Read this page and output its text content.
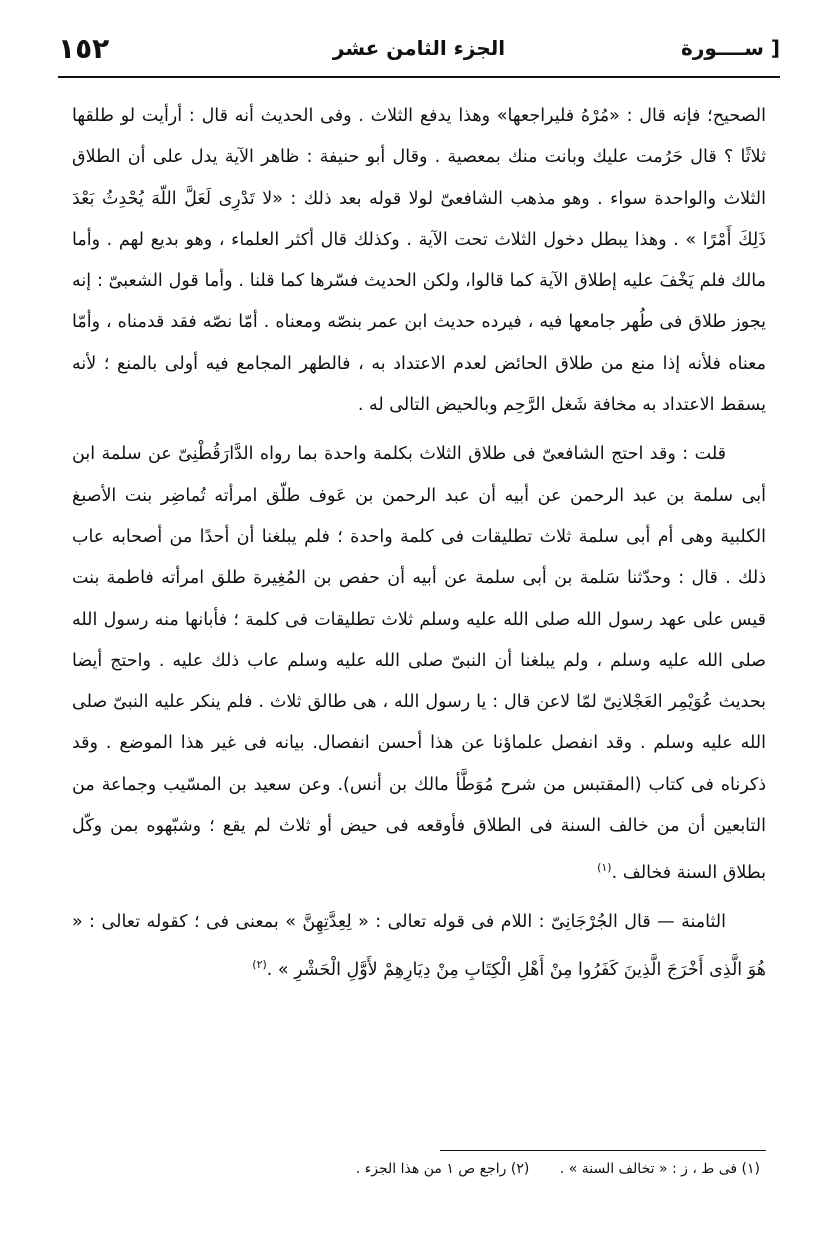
١٥٢	الجزء الثامن عشر	[ ســــورة

الصحيح؛ فإنه قال : «مُرْهُ فليراجعها» وهذا يدفع الثلاث . وفى الحديث أنه قال : أرأيت لو طلقها ثلاثًا ؟ قال حَرُمت عليك وبانت منك بمعصية . وقال أبو حنيفة : ظاهر الآية يدل على أن الطلاق الثلاث والواحدة سواء . وهو مذهب الشافعىّ لولا قوله بعد ذلك : «لا تَدْرِى لَعَلَّ اللّهَ يُحْدِثُ بَعْدَ ذَلِكَ أَمْرًا » . وهذا يبطل دخول الثلاث تحت الآية . وكذلك قال أكثر العلماء ، وهو بديع لهم . وأما مالك فلم يَخْفَ عليه إطلاق الآية كما قالوا، ولكن الحديث فسّرها كما قلنا . وأما قول الشعبىّ : إنه يجوز طلاق فى طُهر جامعها فيه ، فيرده حديث ابن عمر بنصّه ومعناه . أمّا نصّه فقد قدمناه ، وأمّا معناه فلأنه إذا منع من طلاق الحائض لعدم الاعتداد به ، فالطهر المجامع فيه أولى بالمنع ؛ لأنه يسقط الاعتداد به مخافة شَغل الرَّحِم وبالحيض التالى له .

قلت : وقد احتج الشافعىّ فى طلاق الثلاث بكلمة واحدة بما رواه الدَّارَقُطْنِىّ عن سلمة ابن أبى سلمة بن عبد الرحمن عن أبيه أن عبد الرحمن بن عَوف طلّق امرأته تُماضِر بنت الأصبغ الكلبية وهى أم أبى سلمة ثلاث تطليقات فى كلمة واحدة ؛ فلم يبلغنا أن أحدًا من أصحابه عاب ذلك . قال : وحدّثنا سَلمة بن أبى سلمة عن أبيه أن حفص بن المُغِيرة طلق امرأته فاطمة بنت قيس على عهد رسول الله صلى الله عليه وسلم ثلاث تطليقات فى كلمة ؛ فأبانها منه رسول الله صلى الله عليه وسلم ، ولم يبلغنا أن النبىّ صلى الله عليه وسلم عاب ذلك عليه . واحتج أيضا بحديث عُوَيْمِر العَجْلانِىّ لمّا لاعن قال : يا رسول الله ، هى طالق ثلاث . فلم ينكر عليه النبىّ صلى الله عليه وسلم . وقد انفصل علماؤنا عن هذا أحسن انفصال. بيانه فى غير هذا الموضع . وقد ذكرناه فى كتاب (المقتبس من شرح مُوَطَّأ مالك بن أنس). وعن سعيد بن المسّيب وجماعة من التابعين أن من خالف السنة فى الطلاق فأوقعه فى حيض أو ثلاث لم يقع ؛ وشبّهوه بمن وكّل بطلاق السنة فخالف .$^{(١)}$

الثامنة — قال الجُرْجَانِىّ : اللام فى قوله تعالى : « لِعِدَّتِهِنَّ » بمعنى فى ؛ كقوله تعالى : « هُوَ الَّذِى أَخْرَجَ الَّذِينَ كَفَرُوا مِنْ أَهْلِ الْكِتَابِ مِنْ دِيَارِهِمْ لأَوَّلِ الْحَشْرِ » .$^{(٢)}$

(١) فى ط ، ز : « تخالف السنة » . (٢) راجع ص ١ من هذا الجزء .
